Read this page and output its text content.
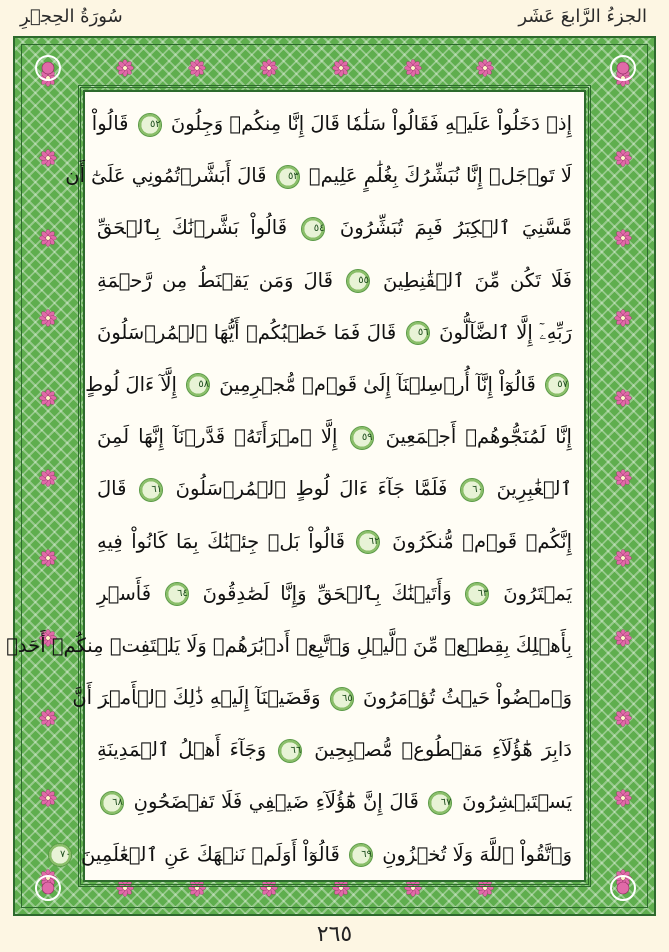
الجزءُ الرَّابعَ عَشَر
سُورَةُ الحِجۡرِ
إِذۡ دَخَلُواْ عَلَيۡهِ فَقَالُواْ سَلَٰمٗا قَالَ إِنَّا مِنكُمۡ وَجِلُونَ ٥٢ قَالُواْ
لَا تَوۡجَلۡ إِنَّا نُبَشِّرُكَ بِغُلَٰمٍ عَلِيمٖ ٥٣ قَالَ أَبَشَّرۡتُمُونِي عَلَىٰٓ أَن
مَّسَّنِيَ ٱلۡكِبَرُ فَبِمَ تُبَشِّرُونَ ٥٤ قَالُواْ بَشَّرۡنَٰكَ بِٱلۡحَقِّ
فَلَا تَكُن مِّنَ ٱلۡقَٰنِطِينَ ٥٥ قَالَ وَمَن يَقۡنَطُ مِن رَّحۡمَةِ
رَبِّهِۦٓ إِلَّا ٱلضَّآلُّونَ ٥٦ قَالَ فَمَا خَطۡبُكُمۡ أَيُّهَا ٱلۡمُرۡسَلُونَ
٥٧ قَالُوٓاْ إِنَّآ أُرۡسِلۡنَآ إِلَىٰ قَوۡمٖ مُّجۡرِمِينَ ٥٨ إِلَّآ ءَالَ لُوطٍ
إِنَّا لَمُنَجُّوهُمۡ أَجۡمَعِينَ ٥٩ إِلَّا ٱمۡرَأَتَهُۥ قَدَّرۡنَآ إِنَّهَا لَمِنَ
ٱلۡغَٰبِرِينَ ٦٠ فَلَمَّا جَآءَ ءَالَ لُوطٍ ٱلۡمُرۡسَلُونَ ٦١ قَالَ
إِنَّكُمۡ قَوۡمٞ مُّنكَرُونَ ٦٢ قَالُواْ بَلۡ جِئۡنَٰكَ بِمَا كَانُواْ فِيهِ
يَمۡتَرُونَ ٦٣ وَأَتَيۡنَٰكَ بِٱلۡحَقِّ وَإِنَّا لَصَٰدِقُونَ ٦٤ فَأَسۡرِ
بِأَهۡلِكَ بِقِطۡعٖ مِّنَ ٱلَّيۡلِ وَٱتَّبِعۡ أَدۡبَٰرَهُمۡ وَلَا يَلۡتَفِتۡ مِنكُمۡ أَحَدٞ
وَٱمۡضُواْ حَيۡثُ تُؤۡمَرُونَ ٦٥ وَقَضَيۡنَآ إِلَيۡهِ ذَٰلِكَ ٱلۡأَمۡرَ أَنَّ
دَابِرَ هَٰٓؤُلَآءِ مَقۡطُوعٞ مُّصۡبِحِينَ ٦٦ وَجَآءَ أَهۡلُ ٱلۡمَدِينَةِ
يَسۡتَبۡشِرُونَ ٦٧ قَالَ إِنَّ هَٰٓؤُلَآءِ ضَيۡفِي فَلَا تَفۡضَحُونِ ٦٨
وَٱتَّقُواْ ٱللَّهَ وَلَا تُخۡزُونِ ٦٩ قَالُوٓاْ أَوَلَمۡ نَنۡهَكَ عَنِ ٱلۡعَٰلَمِينَ ٧٠
٢٦٥
